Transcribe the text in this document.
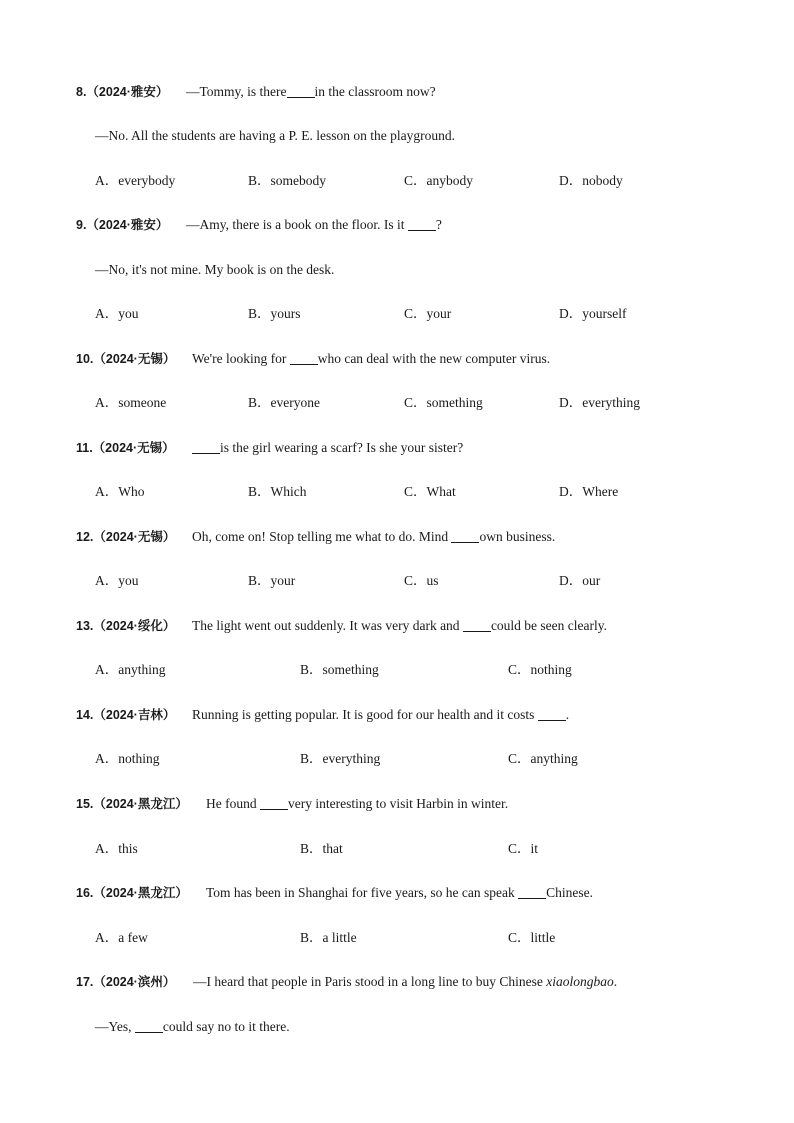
8.（2024·雅安） —Tommy, is there in the classroom now?
—No. All the students are having a P. E. lesson on the playground.
A．everybody	B．somebody	C．anybody	D．nobody
9.（2024·雅安） —Amy, there is a book on the floor. Is it ?
—No, it's not mine. My book is on the desk.
A．you	B．yours	C．your	D．yourself
10.（2024·无锡） We're looking for who can deal with the new computer virus.
A．someone	B．everyone	C．something	D．everything
11.（2024·无锡）	is the girl wearing a scarf? Is she your sister?
A．Who	B．Which	C．What	D．Where
12.（2024·无锡） Oh, come on! Stop telling me what to do. Mind own business.
A．you	B．your	C．us	D．our
13.（2024·绥化） The light went out suddenly. It was very dark and could be seen clearly.
A．anything	B．something	C．nothing
14.（2024·吉林） Running is getting popular. It is good for our health and it costs .
A．nothing	B．everything	C．anything
15.（2024·黑龙江） He found very interesting to visit Harbin in winter.
A．this	B．that	C．it
16.（2024·黑龙江） Tom has been in Shanghai for five years, so he can speak Chinese.
A．a few	B．a little	C．little
17.（2024·滨州） —I heard that people in Paris stood in a long line to buy Chinese xiaolongbao.
—Yes, could say no to it there.
